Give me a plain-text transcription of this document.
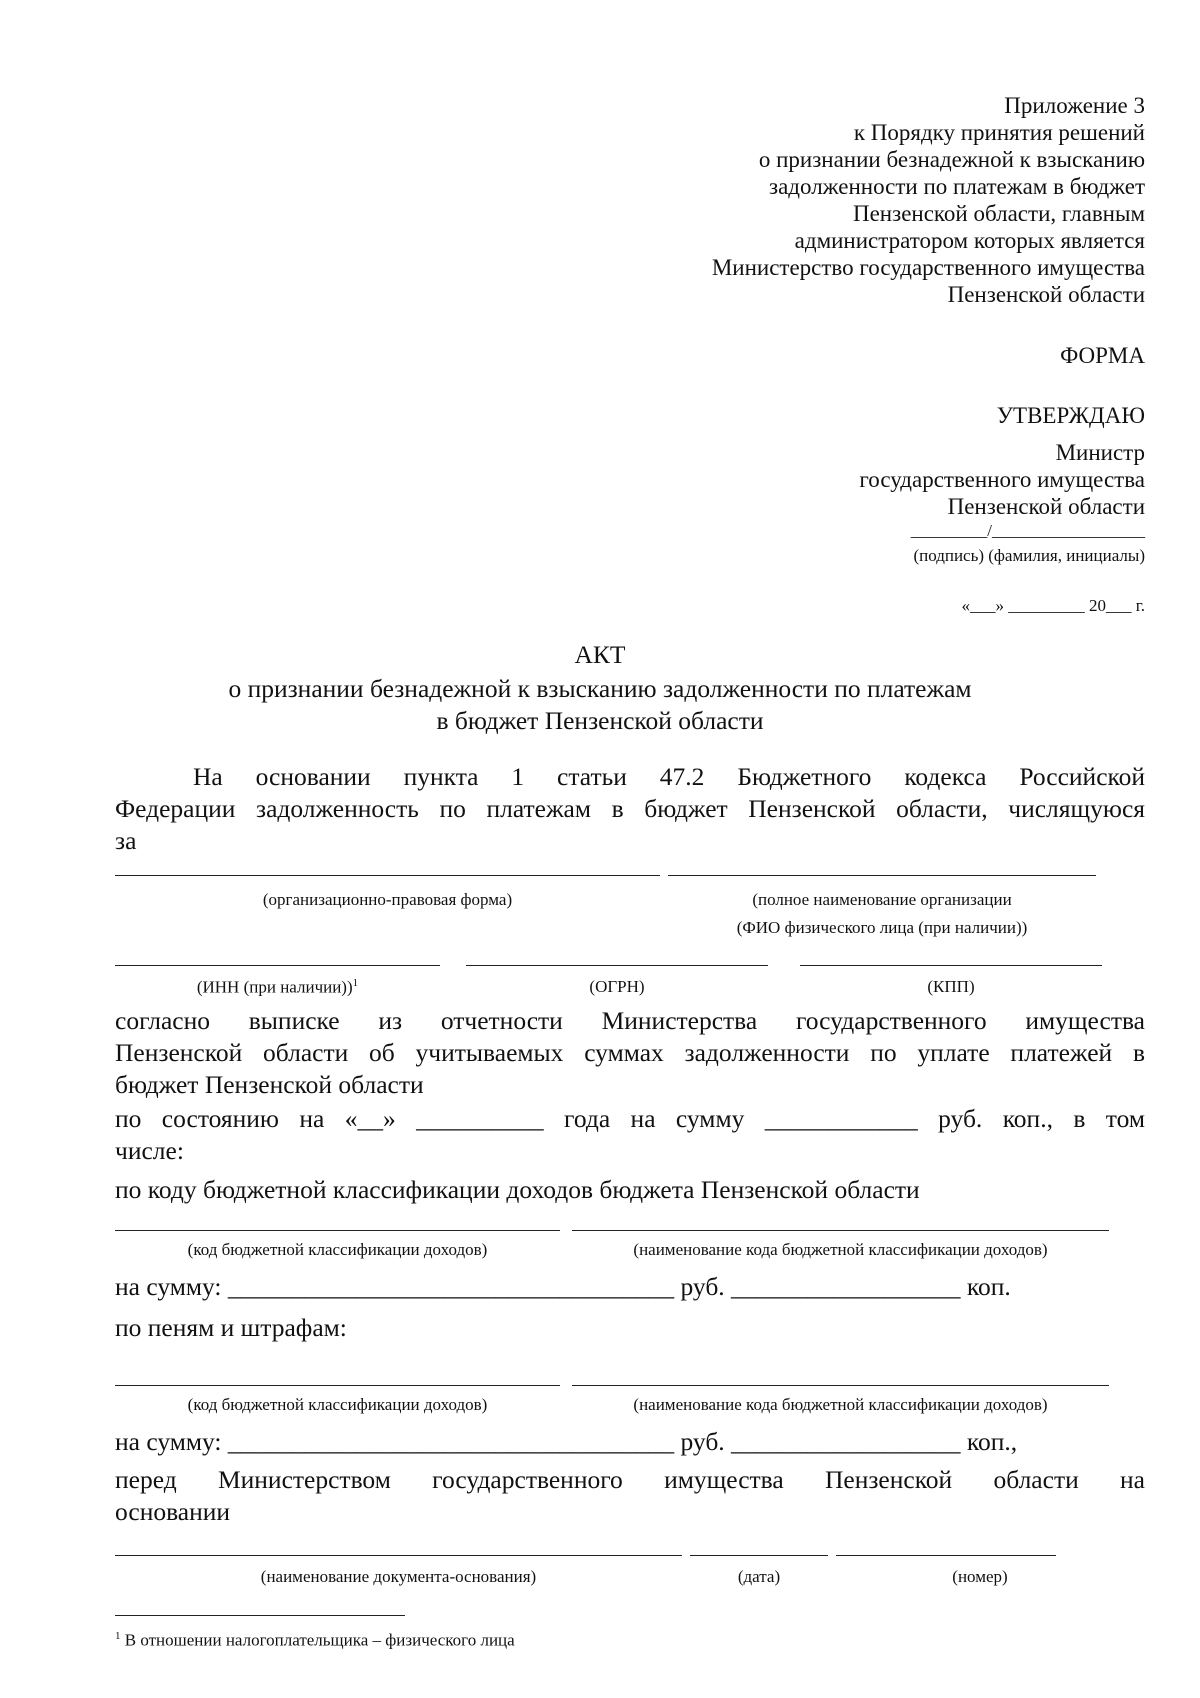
Приложение 3
к Порядку принятия решений
о признании безнадежной к взысканию
задолженности по платежам в бюджет
Пензенской области, главным
администратором которых является
Министерство государственного имущества
Пензенской области
ФОРМА
УТВЕРЖДАЮ
Министр
государственного имущества
Пензенской области
_________/__________________
(подпись) (фамилия, инициалы)
«___» _________ 20___ г.
АКТ
о признании безнадежной к взысканию задолженности по платежам
в бюджет Пензенской области
На основании пункта 1 статьи 47.2 Бюджетного кодекса Российской
Федерации задолженность по платежам в бюджет Пензенской области, числящуюся
за
(организационно-правовая форма)	(полное наименование организации
(ФИО физического лица (при наличии))
(ИНН (при наличии))$^1$	(ОГРН)	(КПП)
согласно выписке из отчетности Министерства государственного имущества
Пензенской области об учитываемых суммах задолженности по уплате платежей в
бюджет Пензенской области
по состоянию на «__» __________ года на сумму ____________ руб. коп., в том
числе:
по коду бюджетной классификации доходов бюджета Пензенской области
(код бюджетной классификации доходов)	(наименование кода бюджетной классификации доходов)
на сумму: ___________________________________ руб. __________________ коп.
по пеням и штрафам:
(код бюджетной классификации доходов)	(наименование кода бюджетной классификации доходов)
на сумму: ___________________________________ руб. __________________ коп.,
перед Министерством государственного имущества Пензенской области на
основании
(наименование документа-основания)	(дата)	(номер)
$^1$ В отношении налогоплательщика – физического лица
